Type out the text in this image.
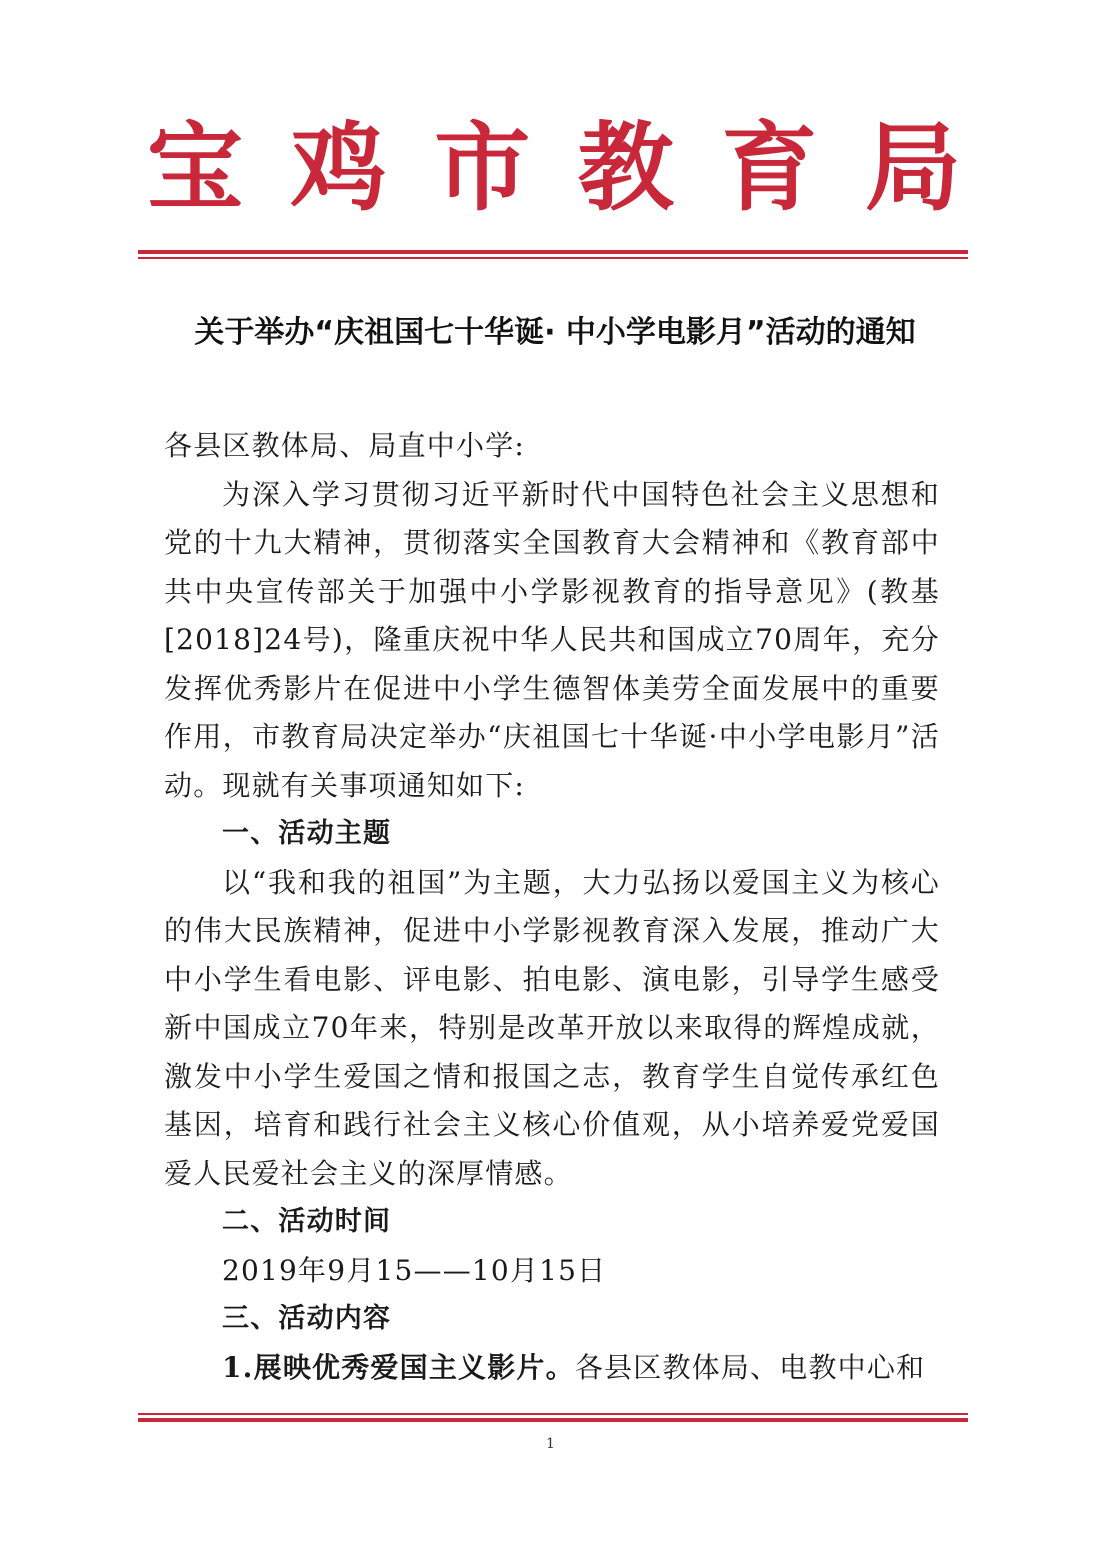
宝 鸡 市 教 育 局
关于举办“庆祖国七十华诞· 中小学电影月”活动的通知

各县区教体局、局直中小学:

为深入学习贯彻习近平新时代中国特色社会主义思想和党的十九大精神，贯彻落实全国教育大会精神和《教育部中共中央宣传部关于加强中小学影视教育的指导意见》(教基[2018]24号)，隆重庆祝中华人民共和国成立70周年，充分发挥优秀影片在促进中小学生德智体美劳全面发展中的重要作用，市教育局决定举办“庆祖国七十华诞·中小学电影月”活动。现就有关事项通知如下:

一、活动主题

以“我和我的祖国”为主题，大力弘扬以爱国主义为核心的伟大民族精神，促进中小学影视教育深入发展，推动广大中小学生看电影、评电影、拍电影、演电影，引导学生感受新中国成立70年来，特别是改革开放以来取得的辉煌成就，激发中小学生爱国之情和报国之志，教育学生自觉传承红色基因，培育和践行社会主义核心价值观，从小培养爱党爱国爱人民爱社会主义的深厚情感。

二、活动时间

2019年9月15——10月15日

三、活动内容

1.展映优秀爱国主义影片。各县区教体局、电教中心和

1
